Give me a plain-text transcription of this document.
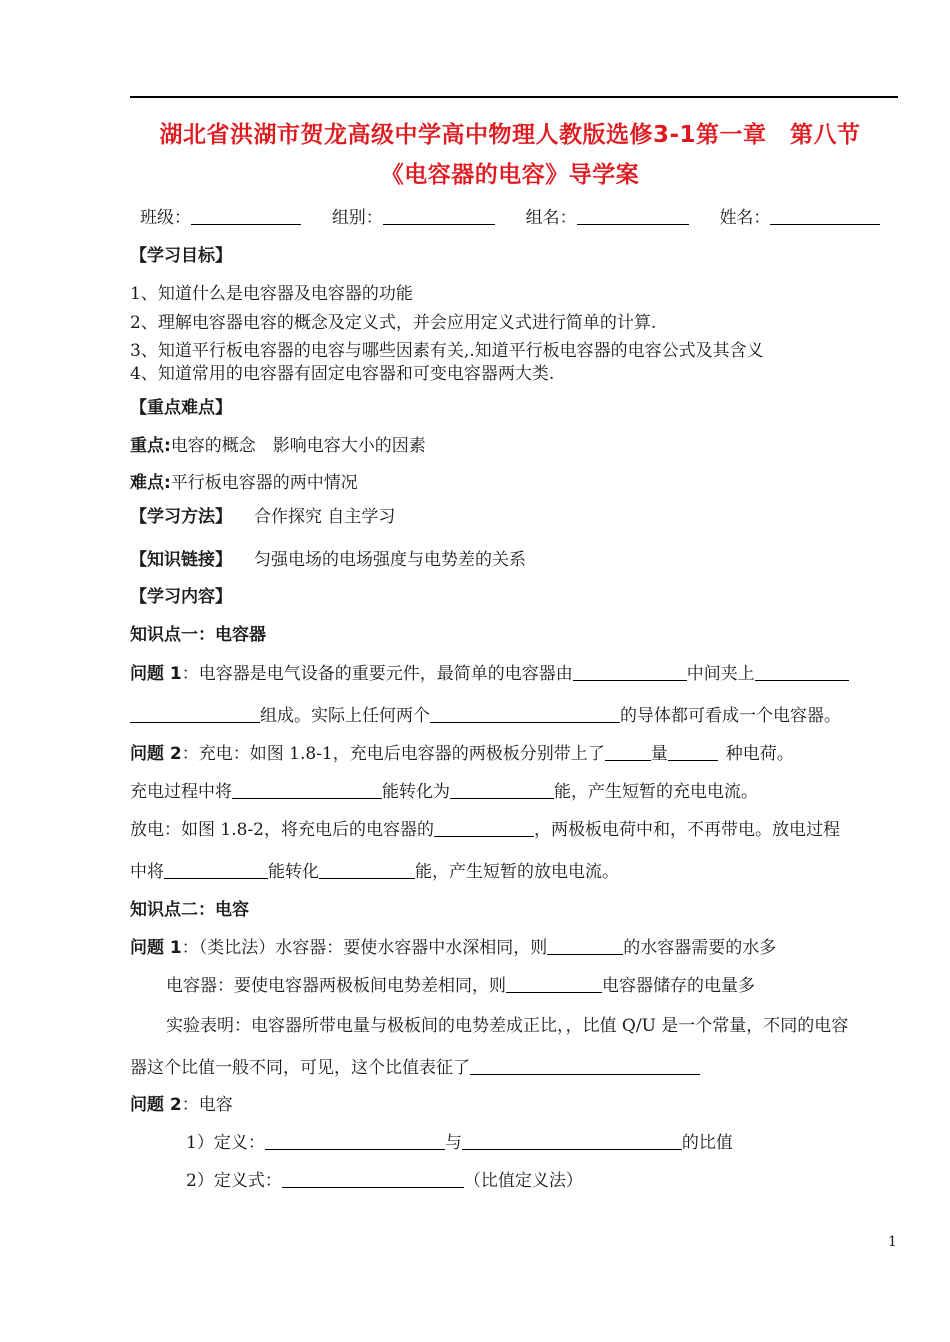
湖北省洪湖市贺龙高级中学高中物理人教版选修3-1第一章　第八节
《电容器的电容》导学案
班级：	组别：	组名：	姓名：
【学习目标】
1、知道什么是电容器及电容器的功能
2、理解电容器电容的概念及定义式，并会应用定义式进行简单的计算.
3、知道平行板电容器的电容与哪些因素有关,.知道平行板电容器的电容公式及其含义
4、知道常用的电容器有固定电容器和可变电容器两大类.
【重点难点】
重点:电容的概念　影响电容大小的因素
难点:平行板电容器的两中情况
【学习方法】 合作探究 自主学习
【知识链接】 匀强电场的电场强度与电势差的关系
【学习内容】
知识点一：电容器
问题 1：电容器是电气设备的重要元件，最简单的电容器由	中间夹上
组成。实际上任何两个	的导体都可看成一个电容器。
问题 2：充电：如图 1.8-1，充电后电容器的两极板分别带上了	量	种电荷。
充电过程中将	能转化为	能，产生短暂的充电电流。
放电：如图 1.8-2，将充电后的电容器的	，两极板电荷中和，不再带电。放电过程
中将	能转化	能，产生短暂的放电电流。
知识点二：电容
问题 1：（类比法）水容器：要使水容器中水深相同，则	的水容器需要的水多
电容器：要使电容器两极板间电势差相同，则	电容器储存的电量多
实验表明：电容器所带电量与极板间的电势差成正比，，比值 Q/U 是一个常量，不同的电容
器这个比值一般不同，可见，这个比值表征了
问题 2：电容
1）定义：	与	的比值
2）定义式：	（比值定义法）
1
